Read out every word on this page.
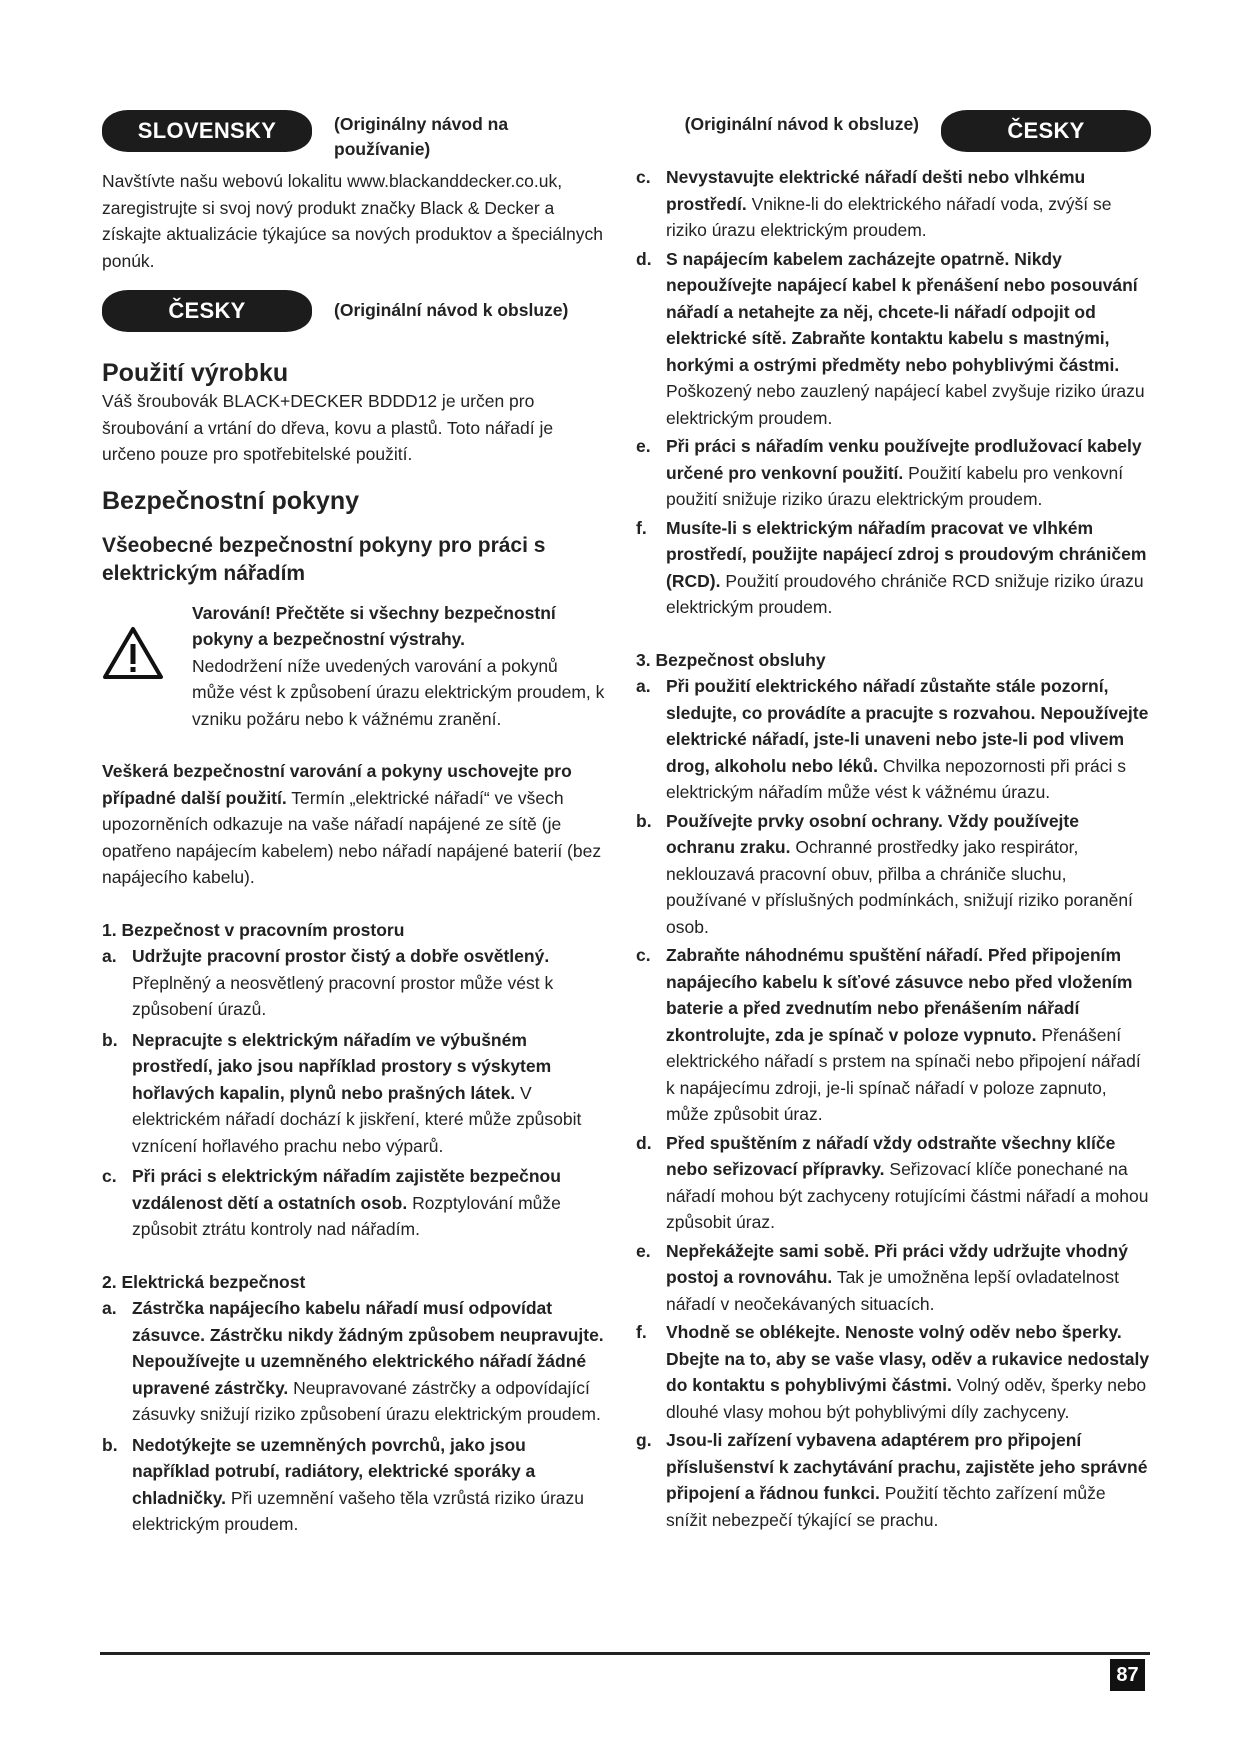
SLOVENSKY	(Originálny návod na používanie)

Navštívte našu webovú lokalitu www.blackanddecker.co.uk, zaregistrujte si svoj nový produkt značky Black & Decker a získajte aktualizácie týkajúce sa nových produktov a špeciálnych ponúk.

ČESKY	(Originální návod k obsluze)
Použití výrobku

Váš šroubovák BLACK+DECKER BDDD12 je určen pro šroubování a vrtání do dřeva, kovu a plastů. Toto nářadí je určeno pouze pro spotřebitelské použití.

Bezpečnostní pokyny
Všeobecné bezpečnostní pokyny pro práci s elektrickým nářadím

Varování! Přečtěte si všechny bezpečnostní pokyny a bezpečnostní výstrahy.

Nedodržení níže uvedených varování a pokynů může vést k způsobení úrazu elektrickým proudem, k vzniku požáru nebo k vážnému zranění.

Veškerá bezpečnostní varování a pokyny uschovejte pro případné další použití. Termín „elektrické nářadí“ ve všech upozorněních odkazuje na vaše nářadí napájené ze sítě (je opatřeno napájecím kabelem) nebo nářadí napájené baterií (bez napájecího kabelu).

1. Bezpečnost v pracovním prostoru
a. Udržujte pracovní prostor čistý a dobře osvětlený. Přeplněný a neosvětlený pracovní prostor může vést k způsobení úrazů.
b. Nepracujte s elektrickým nářadím ve výbušném prostředí, jako jsou například prostory s výskytem hořlavých kapalin, plynů nebo prašných látek. V elektrickém nářadí dochází k jiskření, které může způsobit vznícení hořlavého prachu nebo výparů.
c. Při práci s elektrickým nářadím zajistěte bezpečnou vzdálenost dětí a ostatních osob. Rozptylování může způsobit ztrátu kontroly nad nářadím.
2. Elektrická bezpečnost
a. Zástrčka napájecího kabelu nářadí musí odpovídat zásuvce. Zástrčku nikdy žádným způsobem neupravujte. Nepoužívejte u uzemněného elektrického nářadí žádné upravené zástrčky. Neupravované zástrčky a odpovídající zásuvky snižují riziko způsobení úrazu elektrickým proudem.
b. Nedotýkejte se uzemněných povrchů, jako jsou například potrubí, radiátory, elektrické sporáky a chladničky. Při uzemnění vašeho těla vzrůstá riziko úrazu elektrickým proudem.
(Originální návod k obsluze)	ČESKY
c. Nevystavujte elektrické nářadí dešti nebo vlhkému prostředí. Vnikne-li do elektrického nářadí voda, zvýší se riziko úrazu elektrickým proudem.
d. S napájecím kabelem zacházejte opatrně. Nikdy nepoužívejte napájecí kabel k přenášení nebo posouvání nářadí a netahejte za něj, chcete-li nářadí odpojit od elektrické sítě. Zabraňte kontaktu kabelu s mastnými, horkými a ostrými předměty nebo pohyblivými částmi. Poškozený nebo zauzlený napájecí kabel zvyšuje riziko úrazu elektrickým proudem.
e. Při práci s nářadím venku používejte prodlužovací kabely určené pro venkovní použití. Použití kabelu pro venkovní použití snižuje riziko úrazu elektrickým proudem.
f.	Musíte-li s elektrickým nářadím pracovat ve vlhkém prostředí, použijte napájecí zdroj s proudovým chráničem (RCD). Použití proudového chrániče RCD snižuje riziko úrazu elektrickým proudem.
3. Bezpečnost obsluhy
a. Při použití elektrického nářadí zůstaňte stále pozorní, sledujte, co provádíte a pracujte s rozvahou. Nepoužívejte elektrické nářadí, jste-li unaveni nebo jste-li pod vlivem drog, alkoholu nebo léků. Chvilka nepozornosti při práci s elektrickým nářadím může vést k vážnému úrazu.
b. Používejte prvky osobní ochrany. Vždy používejte ochranu zraku. Ochranné prostředky jako respirátor, neklouzavá pracovní obuv, přilba a chrániče sluchu, používané v příslušných podmínkách, snižují riziko poranění osob.
c. Zabraňte náhodnému spuštění nářadí. Před připojením napájecího kabelu k síťové zásuvce nebo před vložením baterie a před zvednutím nebo přenášením nářadí zkontrolujte, zda je spínač v poloze vypnuto. Přenášení elektrického nářadí s prstem na spínači nebo připojení nářadí k napájecímu zdroji, je-li spínač nářadí v poloze zapnuto, může způsobit úraz.
d. Před spuštěním z nářadí vždy odstraňte všechny klíče nebo seřizovací přípravky. Seřizovací klíče ponechané na nářadí mohou být zachyceny rotujícími částmi nářadí a mohou způsobit úraz.
e. Nepřekážejte sami sobě. Při práci vždy udržujte vhodný postoj a rovnováhu. Tak je umožněna lepší ovladatelnost nářadí v neočekávaných situacích.
f.	Vhodně se oblékejte. Nenoste volný oděv nebo šperky. Dbejte na to, aby se vaše vlasy, oděv a rukavice nedostaly do kontaktu s pohyblivými částmi. Volný oděv, šperky nebo dlouhé vlasy mohou být pohyblivými díly zachyceny.
g. Jsou-li zařízení vybavena adaptérem pro připojení příslušenství k zachytávání prachu, zajistěte jeho správné připojení a řádnou funkci. Použití těchto zařízení může snížit nebezpečí týkající se prachu.
87
